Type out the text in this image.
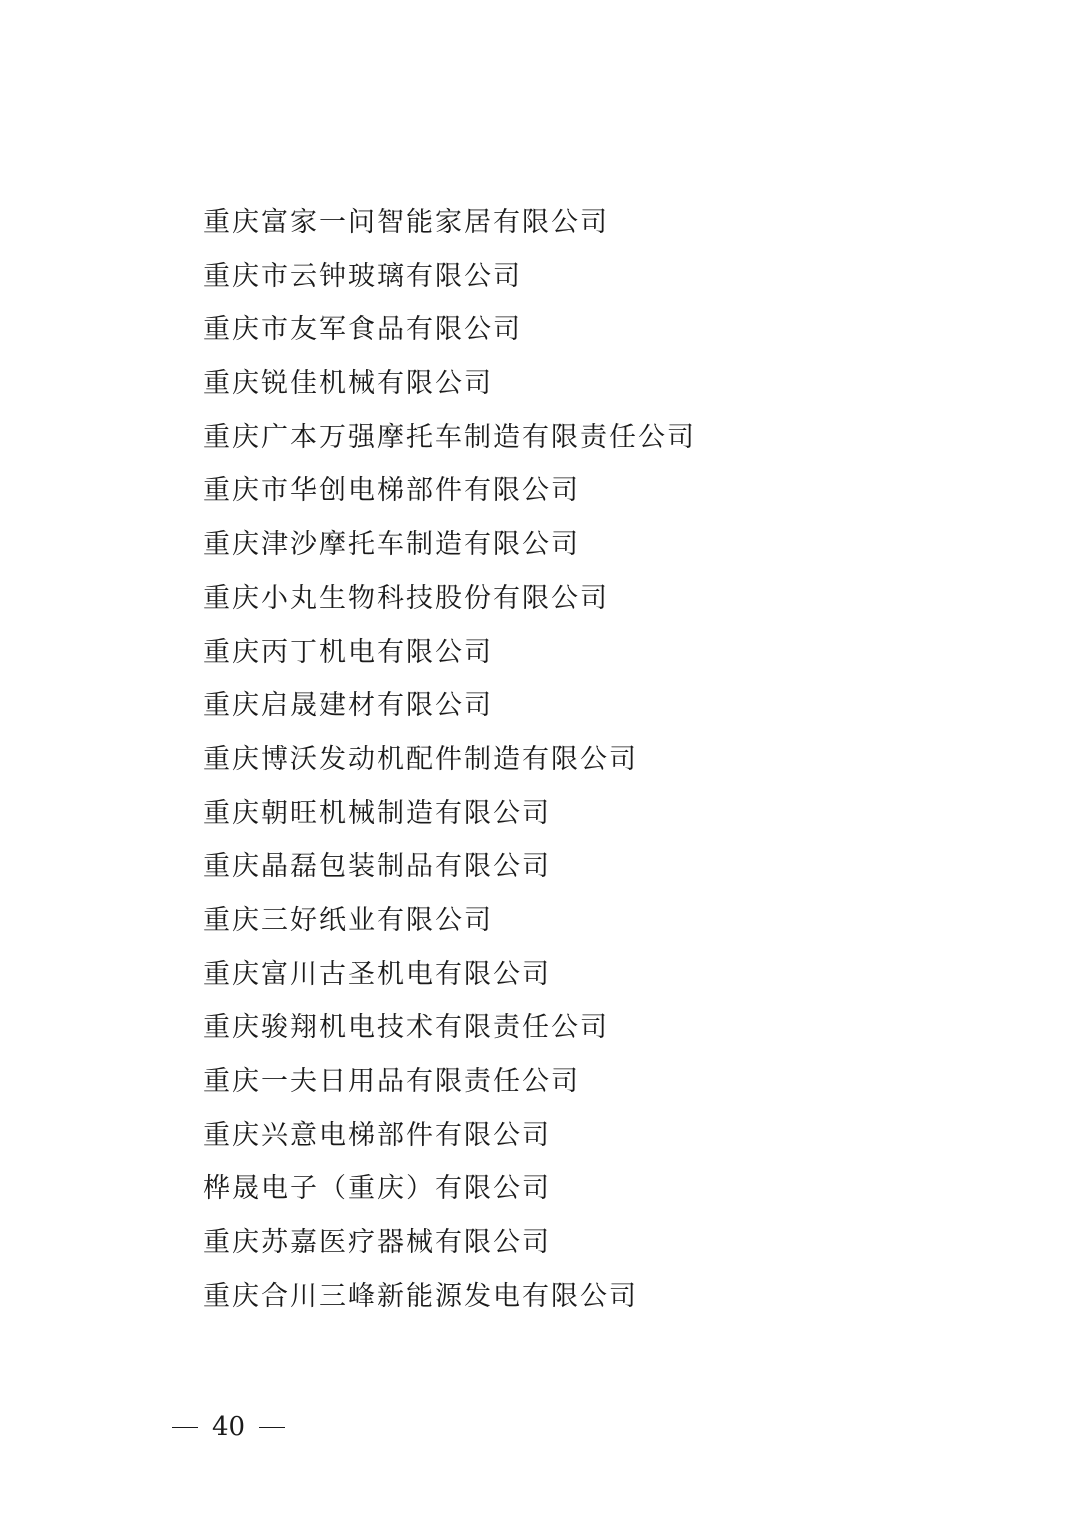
重庆富家一问智能家居有限公司
重庆市云钟玻璃有限公司
重庆市友军食品有限公司
重庆锐佳机械有限公司
重庆广本万强摩托车制造有限责任公司
重庆市华创电梯部件有限公司
重庆津沙摩托车制造有限公司
重庆小丸生物科技股份有限公司
重庆丙丁机电有限公司
重庆启晟建材有限公司
重庆博沃发动机配件制造有限公司
重庆朝旺机械制造有限公司
重庆晶磊包装制品有限公司
重庆三好纸业有限公司
重庆富川古圣机电有限公司
重庆骏翔机电技术有限责任公司
重庆一夫日用品有限责任公司
重庆兴意电梯部件有限公司
桦晟电子（重庆）有限公司
重庆苏嘉医疗器械有限公司
重庆合川三峰新能源发电有限公司
40
